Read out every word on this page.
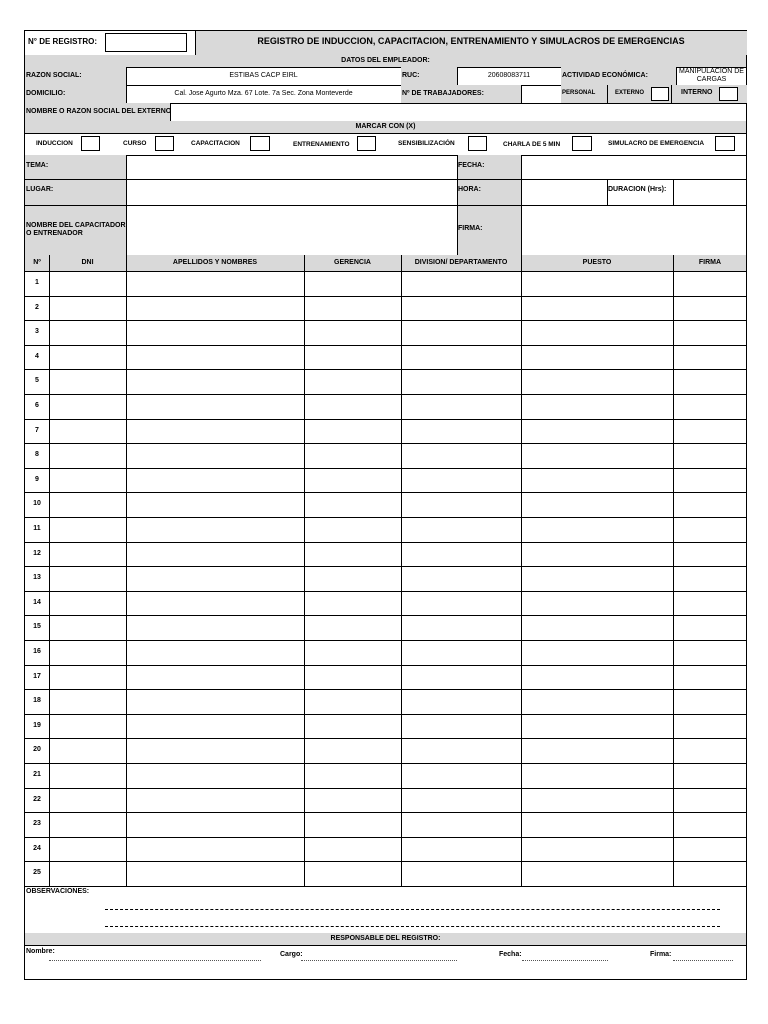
N° DE REGISTRO:	REGISTRO DE INDUCCION, CAPACITACION, ENTRENAMIENTO Y SIMULACROS DE EMERGENCIAS
DATOS DEL EMPLEADOR:
RAZON SOCIAL:	ESTIBAS CACP EIRL	RUC:	20608083711	ACTIVIDAD ECONÓMICA:
MANIPULACION DE CARGAS
DOMICILIO:	Cal. Jose Agurto Mza. 67 Lote. 7a Sec. Zona Monteverde	Nº DE TRABAJADORES:	PERSONAL	EXTERNO	INTERNO
NOMBRE O RAZON SOCIAL DEL EXTERNO
MARCAR CON (X)
INDUCCION	CURSO	CAPACITACION	ENTRENAMIENTO	SENSIBILIZACIÓN	CHARLA DE 5 MIN	SIMULACRO DE EMERGENCIA
TEMA:	FECHA:
LUGAR:	HORA:	DURACION (Hrs):
NOMBRE DEL CAPACITADOR O ENTRENADOR
FIRMA:
Nº	DNI	APELLIDOS Y NOMBRES	GERENCIA	DIVISION/ DEPARTAMENTO	PUESTO	FIRMA
1
2
3
4
5
6
7
8
9
10
11
12
13
14
15
16
17
18
19
20
21
22
23
24
25
OBSERVACIONES:
RESPONSABLE DEL REGISTRO:
Nombre:	Cargo:	Fecha:	Firma:
